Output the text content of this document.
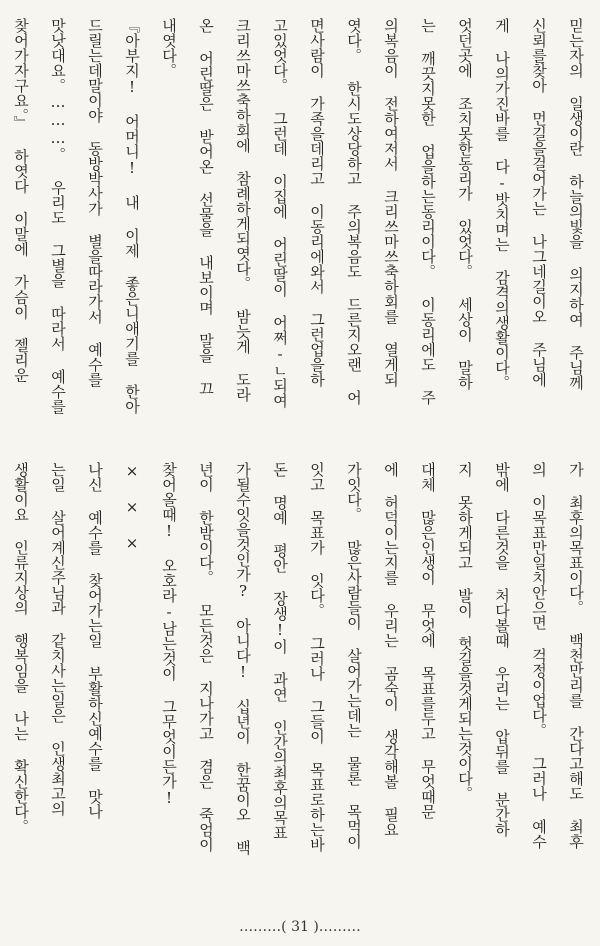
믿는자의 일생이란 하늘의빛을 의지하여 주님께
신뢰를찾아 먼길을걸어가는 나그네길이오 주님에
게 나의가진바를 다-밧치며는 감격의생활이다。
엇던곳에 조치못한동리가 있엇다。 세상이 말하
는 깨끗지못한 업을하는동리이다。 이동리에도 주
의복음이 전하여저서 크리쓰마쓰축하회를 열게되
엿다。 한시도상당하고 주의복음도 드른지오랜 어
면사람이 가족을데리고 이동리에와서 그런업을하
고있엇다。 그런데 이집에 어린딸이 어쩌-ㄴ되여
크리쓰마쓰축하회에 참례하게되엿다。 밤늣게 도라
온 어린딸은 받어온 선물을 내보이며 말을 끄
내엿다。
『아부지! 어머니! 내 이제 좋은니애기를 한아
드릴는데말이야 동방박사가 별을따라가서 예수를
맛낫대요。………。 우리도 그별을 따라서 예수를
찾어가자구요。』 하엿다 이말에 가슴이 젤리운
가 최후의목표이다。 백천만리를 간다고해도 최후
의 이목표만일치안으면 걱정이업다。 그러나 예수
밖에 다른것을 처다볼때 우리는 압뒤를 분간하
지 못하게되고 발이 헛길을것게되는것이다。
대체 많은인생이 무엇에 목표를두고 무엇때문
에 허덕이는지를 우리는 곰숙이 생각해볼 필요
가잇다。 많은사람들이 살어가는데는 물론 목먹이
잇고 목표가 잇다。 그러나 그들이 목표로하는바
돈 명예 평안 장생!이 과연 인간의최후의목표
가될수잇을것인가? 아니다! 십년이 한꿈이오 백
년이 한밤이다。 모든것은 지나가고 겸은 죽엄이
찾어올때! 오호라-남는것이 그무엇이든가!
× × ×
나신 예수를 찾어가는일 부활하신예수를 맛나
는일 살어계신주님과 같치사는일은 인생최고의
생활이요 인류지상의 행복임을 나는 확신한다。
………( 31 )………
